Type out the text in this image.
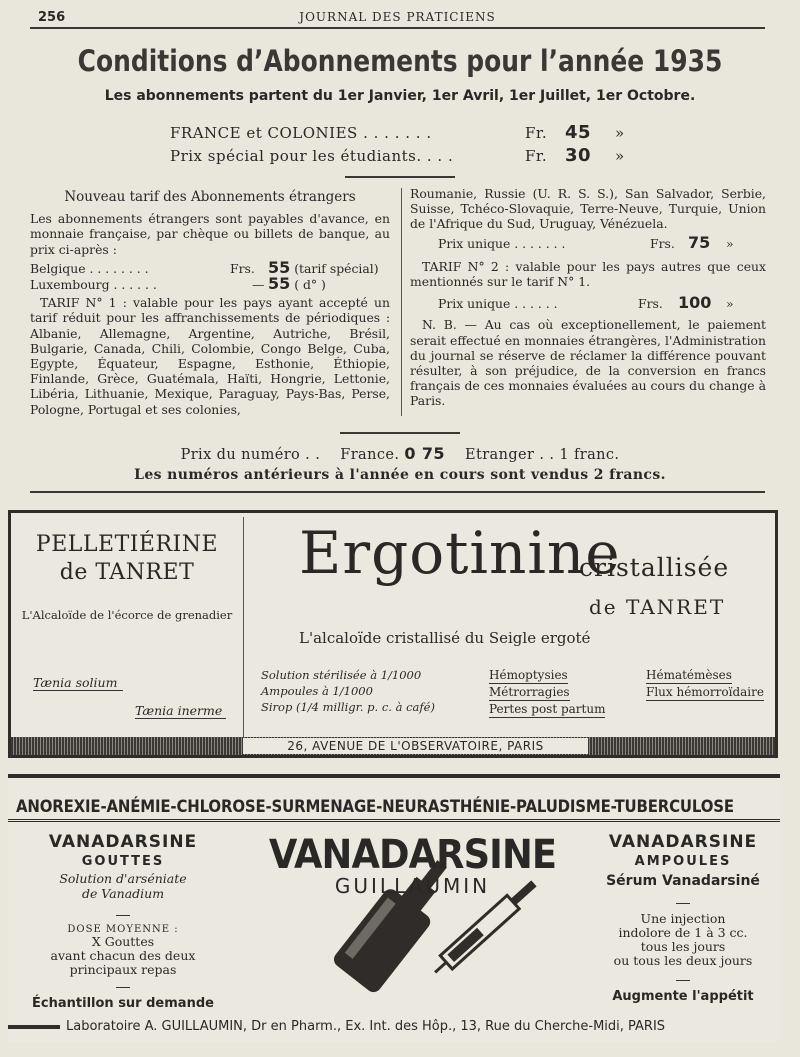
256	JOURNAL DES PRATICIENS
Conditions d’Abonnements pour l’année 1935
Les abonnements partent du 1er Janvier, 1er Avril, 1er Juillet, 1er Octobre.
FRANCE et COLONIES . . . . . . .	Fr. 45 »
Prix spécial pour les étudiants. . . .	Fr. 30 »

Nouveau tarif des Abonnements étrangers

Les abonnements étrangers sont payables d'avance, en monnaie française, par chèque ou billets de banque, au prix ci-après :

Belgique . . . . . . . .	Frs. 55 (tarif spécial)
Luxembourg . . . . . .	— 55 ( d° )

TARIF N° 1 : valable pour les pays ayant accepté un tarif réduit pour les affranchissements de périodiques : Albanie, Allemagne, Argentine, Autriche, Brésil, Bulgarie, Canada, Chili, Colombie, Congo Belge, Cuba, Egypte, Équateur, Espagne, Esthonie, Éthiopie, Finlande, Grèce, Guatémala, Haïti, Hongrie, Lettonie, Libéria, Lithuanie, Mexique, Paraguay, Pays-Bas, Perse, Pologne, Portugal et ses colonies,

Roumanie, Russie (U. R. S. S.), San Salvador, Serbie, Suisse, Tchéco-Slovaquie, Terre-Neuve, Turquie, Union de l'Afrique du Sud, Uruguay, Vénézuela.

Prix unique . . . . . . .	Frs. 75 »

TARIF N° 2 : valable pour les pays autres que ceux mentionnés sur le tarif N° 1.

Prix unique . . . . . .	Frs. 100 »

N. B. — Au cas où exceptionellement, le paiement serait effectué en monnaies étrangères, l'Administration du journal se réserve de réclamer la différence pouvant résulter, à son préjudice, de la conversion en francs français de ces monnaies évaluées au cours du change à Paris.

Prix du numéro . . France. 0 75 Etranger . . 1 franc.
Les numéros antérieurs à l'année en cours sont vendus 2 francs.
PELLETIÉRINE
de TANRET
L'Alcaloïde de l'écorce de grenadier
Tænia solium
Tænia inerme
Ergotinine
cristallisée
de TANRET
L'alcaloïde cristallisé du Seigle ergoté
Solution stérilisée à 1/1000
Ampoules à 1/1000
Sirop (1/4 milligr. p. c. à café)
Hémoptysies
Métrorragies
Pertes post partum
Hématémèses
Flux hémorroïdaire
26, AVENUE DE L'OBSERVATOIRE, PARIS
ANOREXIE-ANÉMIE-CHLOROSE-SURMENAGE-NEURASTHÉNIE-PALUDISME-TUBERCULOSE
VANADARSINE
GOUTTES
Solution d'arséniate
de Vanadium
DOSE MOYENNE :
X Gouttes
avant chacun des deux
principaux repas
Échantillon sur demande
VANADARSINE
GUILLAUMIN
VANADARSINE
AMPOULES
Sérum Vanadarsiné
Une injection
indolore de 1 à 3 cc.
tous les jours
ou tous les deux jours
Augmente l'appétit
Laboratoire A. GUILLAUMIN, Dr en Pharm., Ex. Int. des Hôp., 13, Rue du Cherche-Midi, PARIS
